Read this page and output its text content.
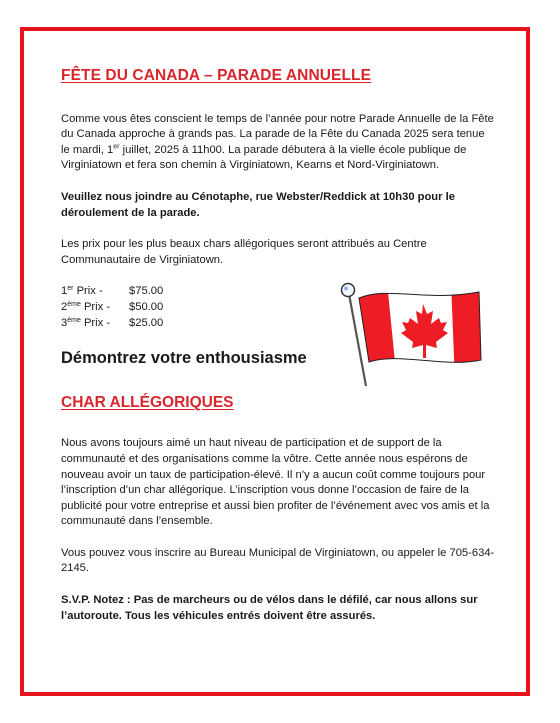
FÊTE DU CANADA – PARADE ANNUELLE

Comme vous êtes conscient le temps de l’année pour notre Parade Annuelle de la Fête du Canada approche à grands pas. La parade de la Fête du Canada 2025 sera tenue le mardi, 1er juillet, 2025 à 11h00. La parade débutera à la vielle école publique de Virginiatown et fera son chemin à Virginiatown, Kearns et Nord-Virginiatown.

Veuillez nous joindre au Cénotaphe, rue Webster/Reddick at 10h30 pour le déroulement de la parade.

Les prix pour les plus beaux chars allégoriques seront attribués au Centre Communautaire de Virginiatown.

1er Prix -	$75.00
2ème Prix -	$50.00
3ème Prix -	$25.00
Démontrez votre enthousiasme
CHAR ALLÉGORIQUES

Nous avons toujours aimé un haut niveau de participation et de support de la communauté et des organisations comme la vôtre. Cette année nous espérons de nouveau avoir un taux de participation-élevé. Il n’y a aucun coût comme toujours pour l’inscription d’un char allégorique. L’inscription vous donne l’occasion de faire de la publicité pour votre entreprise et aussi bien profiter de l’événement avec vos amis et la communauté dans l’ensemble.

Vous pouvez vous inscrire au Bureau Municipal de Virginiatown, ou appeler le 705-634-2145.

S.V.P. Notez : Pas de marcheurs ou de vélos dans le défilé, car nous allons sur l’autoroute. Tous les véhicules entrés doivent être assurés.
